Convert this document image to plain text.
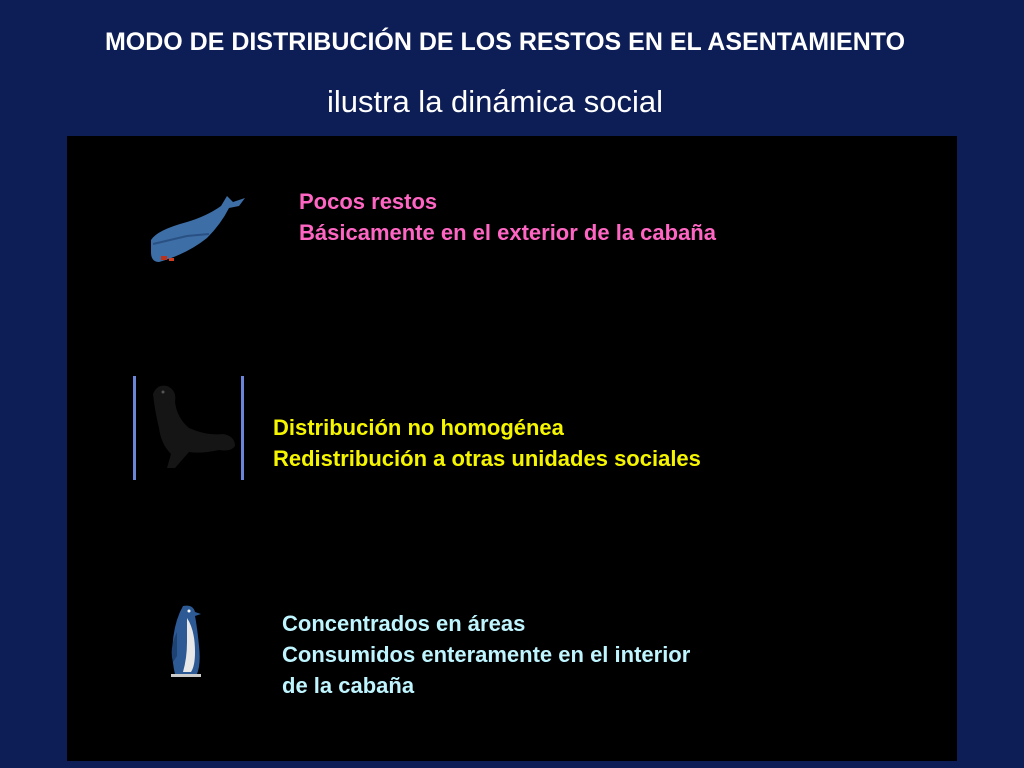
MODO DE DISTRIBUCIÓN DE LOS RESTOS EN EL ASENTAMIENTO
ilustra la dinámica social
Pocos restos
Básicamente en el exterior de la cabaña
Distribución no homogénea
Redistribución a otras unidades sociales
Concentrados en áreas
Consumidos enteramente en el interior
de la cabaña
